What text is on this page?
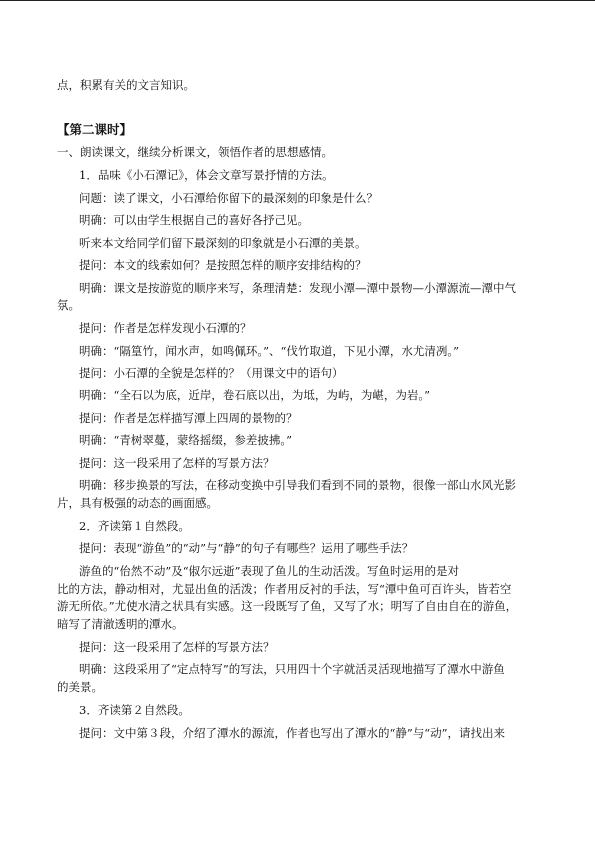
点，积累有关的文言知识。
【第二课时】
一、朗读课文，继续分析课文，领悟作者的思想感情。
1．品味《小石潭记》，体会文章写景抒情的方法。
问题：读了课文，小石潭给你留下的最深刻的印象是什么？
明确：可以由学生根据自己的喜好各抒己见。
听来本文给同学们留下最深刻的印象就是小石潭的美景。
提问：本文的线索如何？是按照怎样的顺序安排结构的？
明确：课文是按游览的顺序来写，条理清楚：发现小潭—潭中景物—小潭源流—潭中气
氛。
提问：作者是怎样发现小石潭的？
明确：“隔篁竹，闻水声，如鸣佩环。”、“伐竹取道，下见小潭，水尤清冽。”
提问：小石潭的全貌是怎样的？（用课文中的语句）
明确：“全石以为底，近岸，卷石底以出，为坻，为屿，为嵁，为岩。”
提问：作者是怎样描写潭上四周的景物的？
明确：“青树翠蔓，蒙络摇缀，参差披拂。”
提问：这一段采用了怎样的写景方法？
明确：移步换景的写法，在移动变换中引导我们看到不同的景物，很像一部山水风光影
片，具有极强的动态的画面感。
2．齐读第１自然段。
提问：表现“游鱼”的“动”与“静”的句子有哪些？运用了哪些手法？
游鱼的“佁然不动”及“俶尔远逝”表现了鱼儿的生动活泼。写鱼时运用的是对
比的方法，静动相对，尤显出鱼的活泼；作者用反衬的手法，写“潭中鱼可百许头，皆若空
游无所依。”尤使水清之状具有实感。这一段既写了鱼，又写了水；明写了自由自在的游鱼，
暗写了清澈透明的潭水。
提问：这一段采用了怎样的写景方法？
明确：这段采用了“定点特写”的写法，只用四十个字就活灵活现地描写了潭水中游鱼
的美景。
3．齐读第２自然段。
提问：文中第３段，介绍了潭水的源流，作者也写出了潭水的“静”与“动”，请找出来
